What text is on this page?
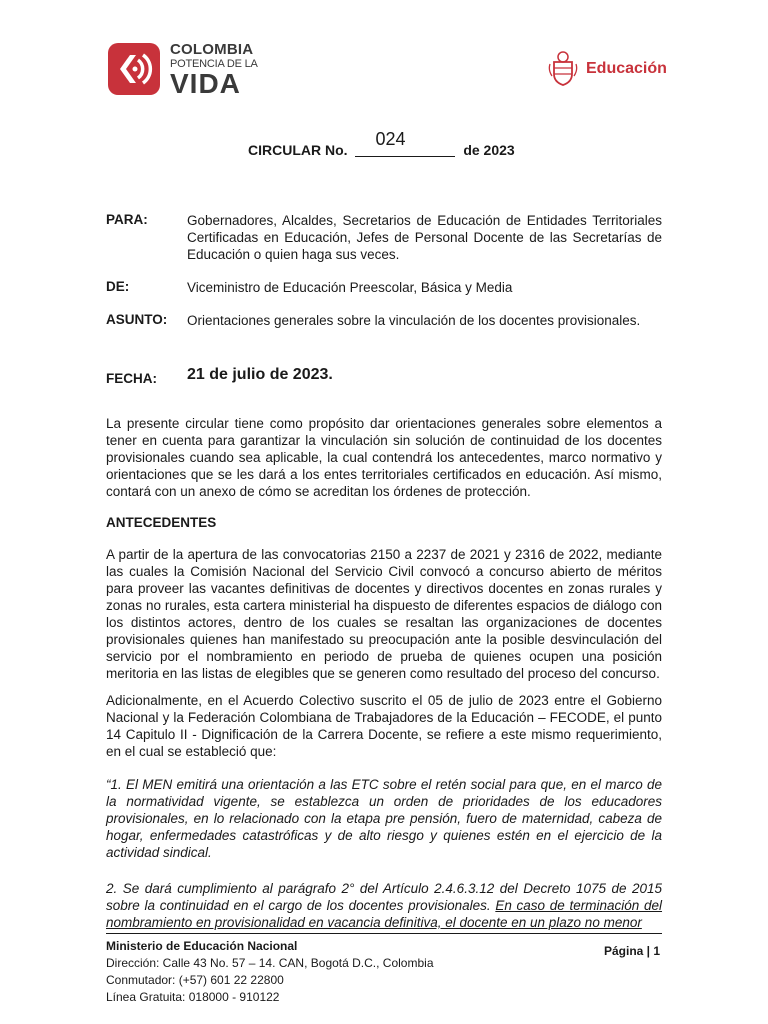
COLOMBIA
POTENCIA DE LA
VIDA	Educación
CIRCULAR No.
024
de 2023
PARA:	Gobernadores, Alcaldes, Secretarios de Educación de Entidades Territoriales Certificadas en Educación, Jefes de Personal Docente de las Secretarías de Educación o quien haga sus veces.
DE:	Viceministro de Educación Preescolar, Básica y Media
ASUNTO: Orientaciones generales sobre la vinculación de los docentes provisionales.
FECHA: 21 de julio de 2023.
La presente circular tiene como propósito dar orientaciones generales sobre elementos a tener en cuenta para garantizar la vinculación sin solución de continuidad de los docentes provisionales cuando sea aplicable, la cual contendrá los antecedentes, marco normativo y orientaciones que se les dará a los entes territoriales certificados en educación. Así mismo, contará con un anexo de cómo se acreditan los órdenes de protección.
ANTECEDENTES
A partir de la apertura de las convocatorias 2150 a 2237 de 2021 y 2316 de 2022, mediante las cuales la Comisión Nacional del Servicio Civil convocó a concurso abierto de méritos para proveer las vacantes definitivas de docentes y directivos docentes en zonas rurales y zonas no rurales, esta cartera ministerial ha dispuesto de diferentes espacios de diálogo con los distintos actores, dentro de los cuales se resaltan las organizaciones de docentes provisionales quienes han manifestado su preocupación ante la posible desvinculación del servicio por el nombramiento en periodo de prueba de quienes ocupen una posición meritoria en las listas de elegibles que se generen como resultado del proceso del concurso.
Adicionalmente, en el Acuerdo Colectivo suscrito el 05 de julio de 2023 entre el Gobierno Nacional y la Federación Colombiana de Trabajadores de la Educación – FECODE, el punto 14 Capitulo II - Dignificación de la Carrera Docente, se refiere a este mismo requerimiento, en el cual se estableció que:
“1. El MEN emitirá una orientación a las ETC sobre el retén social para que, en el marco de la normatividad vigente, se establezca un orden de prioridades de los educadores provisionales, en lo relacionado con la etapa pre pensión, fuero de maternidad, cabeza de hogar, enfermedades catastróficas y de alto riesgo y quienes estén en el ejercicio de la actividad sindical.
2. Se dará cumplimiento al parágrafo 2° del Artículo 2.4.6.3.12 del Decreto 1075 de 2015 sobre la continuidad en el cargo de los docentes provisionales. En caso de terminación del nombramiento en provisionalidad en vacancia definitiva, el docente en un plazo no menor
Ministerio de Educación Nacional
Dirección: Calle 43 No. 57 – 14. CAN, Bogotá D.C., Colombia
Conmutador: (+57) 601 22 22800
Línea Gratuita: 018000 - 910122
Página | 1
